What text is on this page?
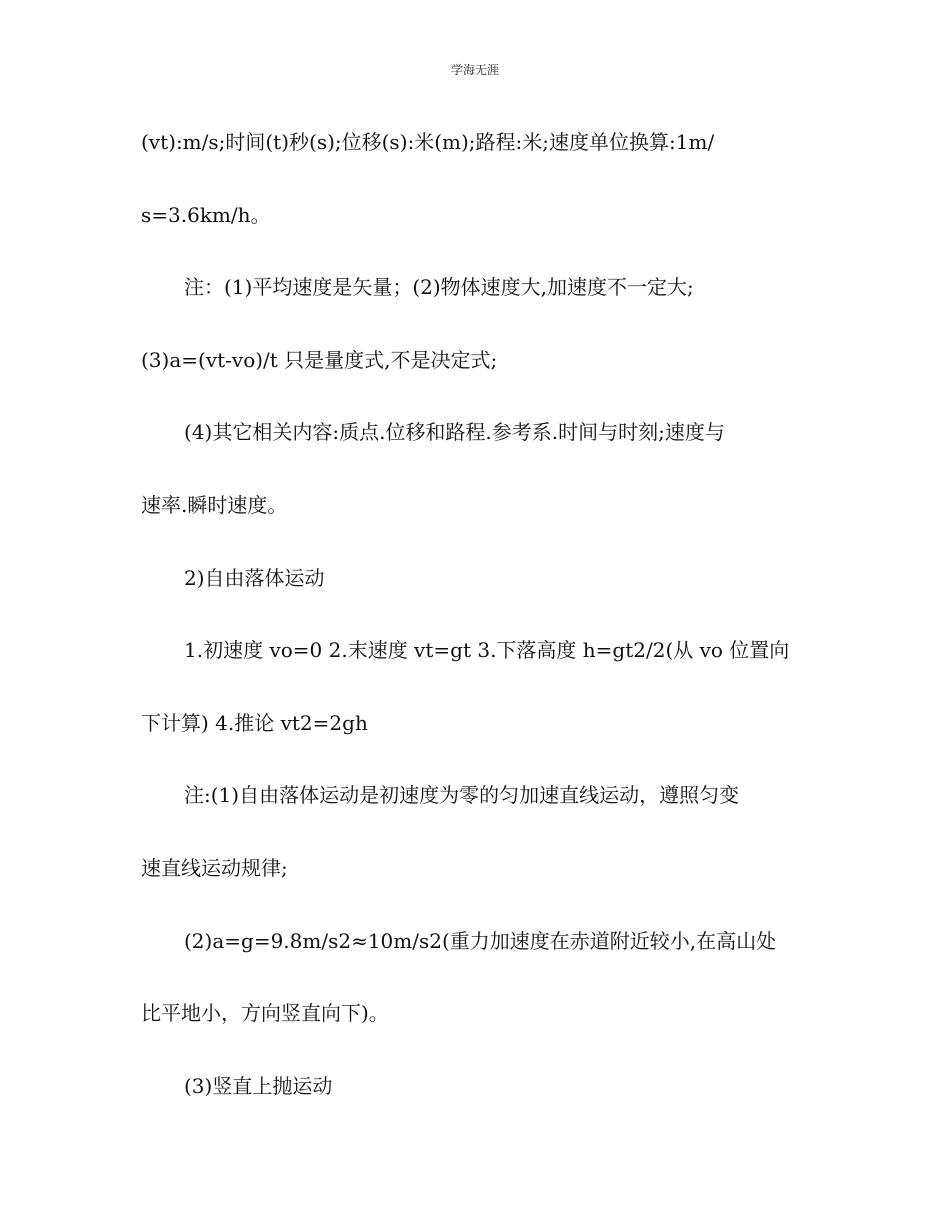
学海无涯
(vt):m/s;时间(t)秒(s);位移(s):米(m);路程:米;速度单位换算:1m/
s=3.6km/h。
注：(1)平均速度是矢量；(2)物体速度大,加速度不一定大;
(3)a=(vt-vo)/t 只是量度式,不是决定式;
(4)其它相关内容:质点.位移和路程.参考系.时间与时刻;速度与
速率.瞬时速度。
2)自由落体运动
1.初速度 vo=0 2.末速度 vt=gt 3.下落高度 h=gt2/2(从 vo 位置向
下计算) 4.推论 vt2=2gh
注:(1)自由落体运动是初速度为零的匀加速直线运动，遵照匀变
速直线运动规律;
(2)a=g=9.8m/s2≈10m/s2(重力加速度在赤道附近较小,在高山处
比平地小，方向竖直向下)。
(3)竖直上抛运动
